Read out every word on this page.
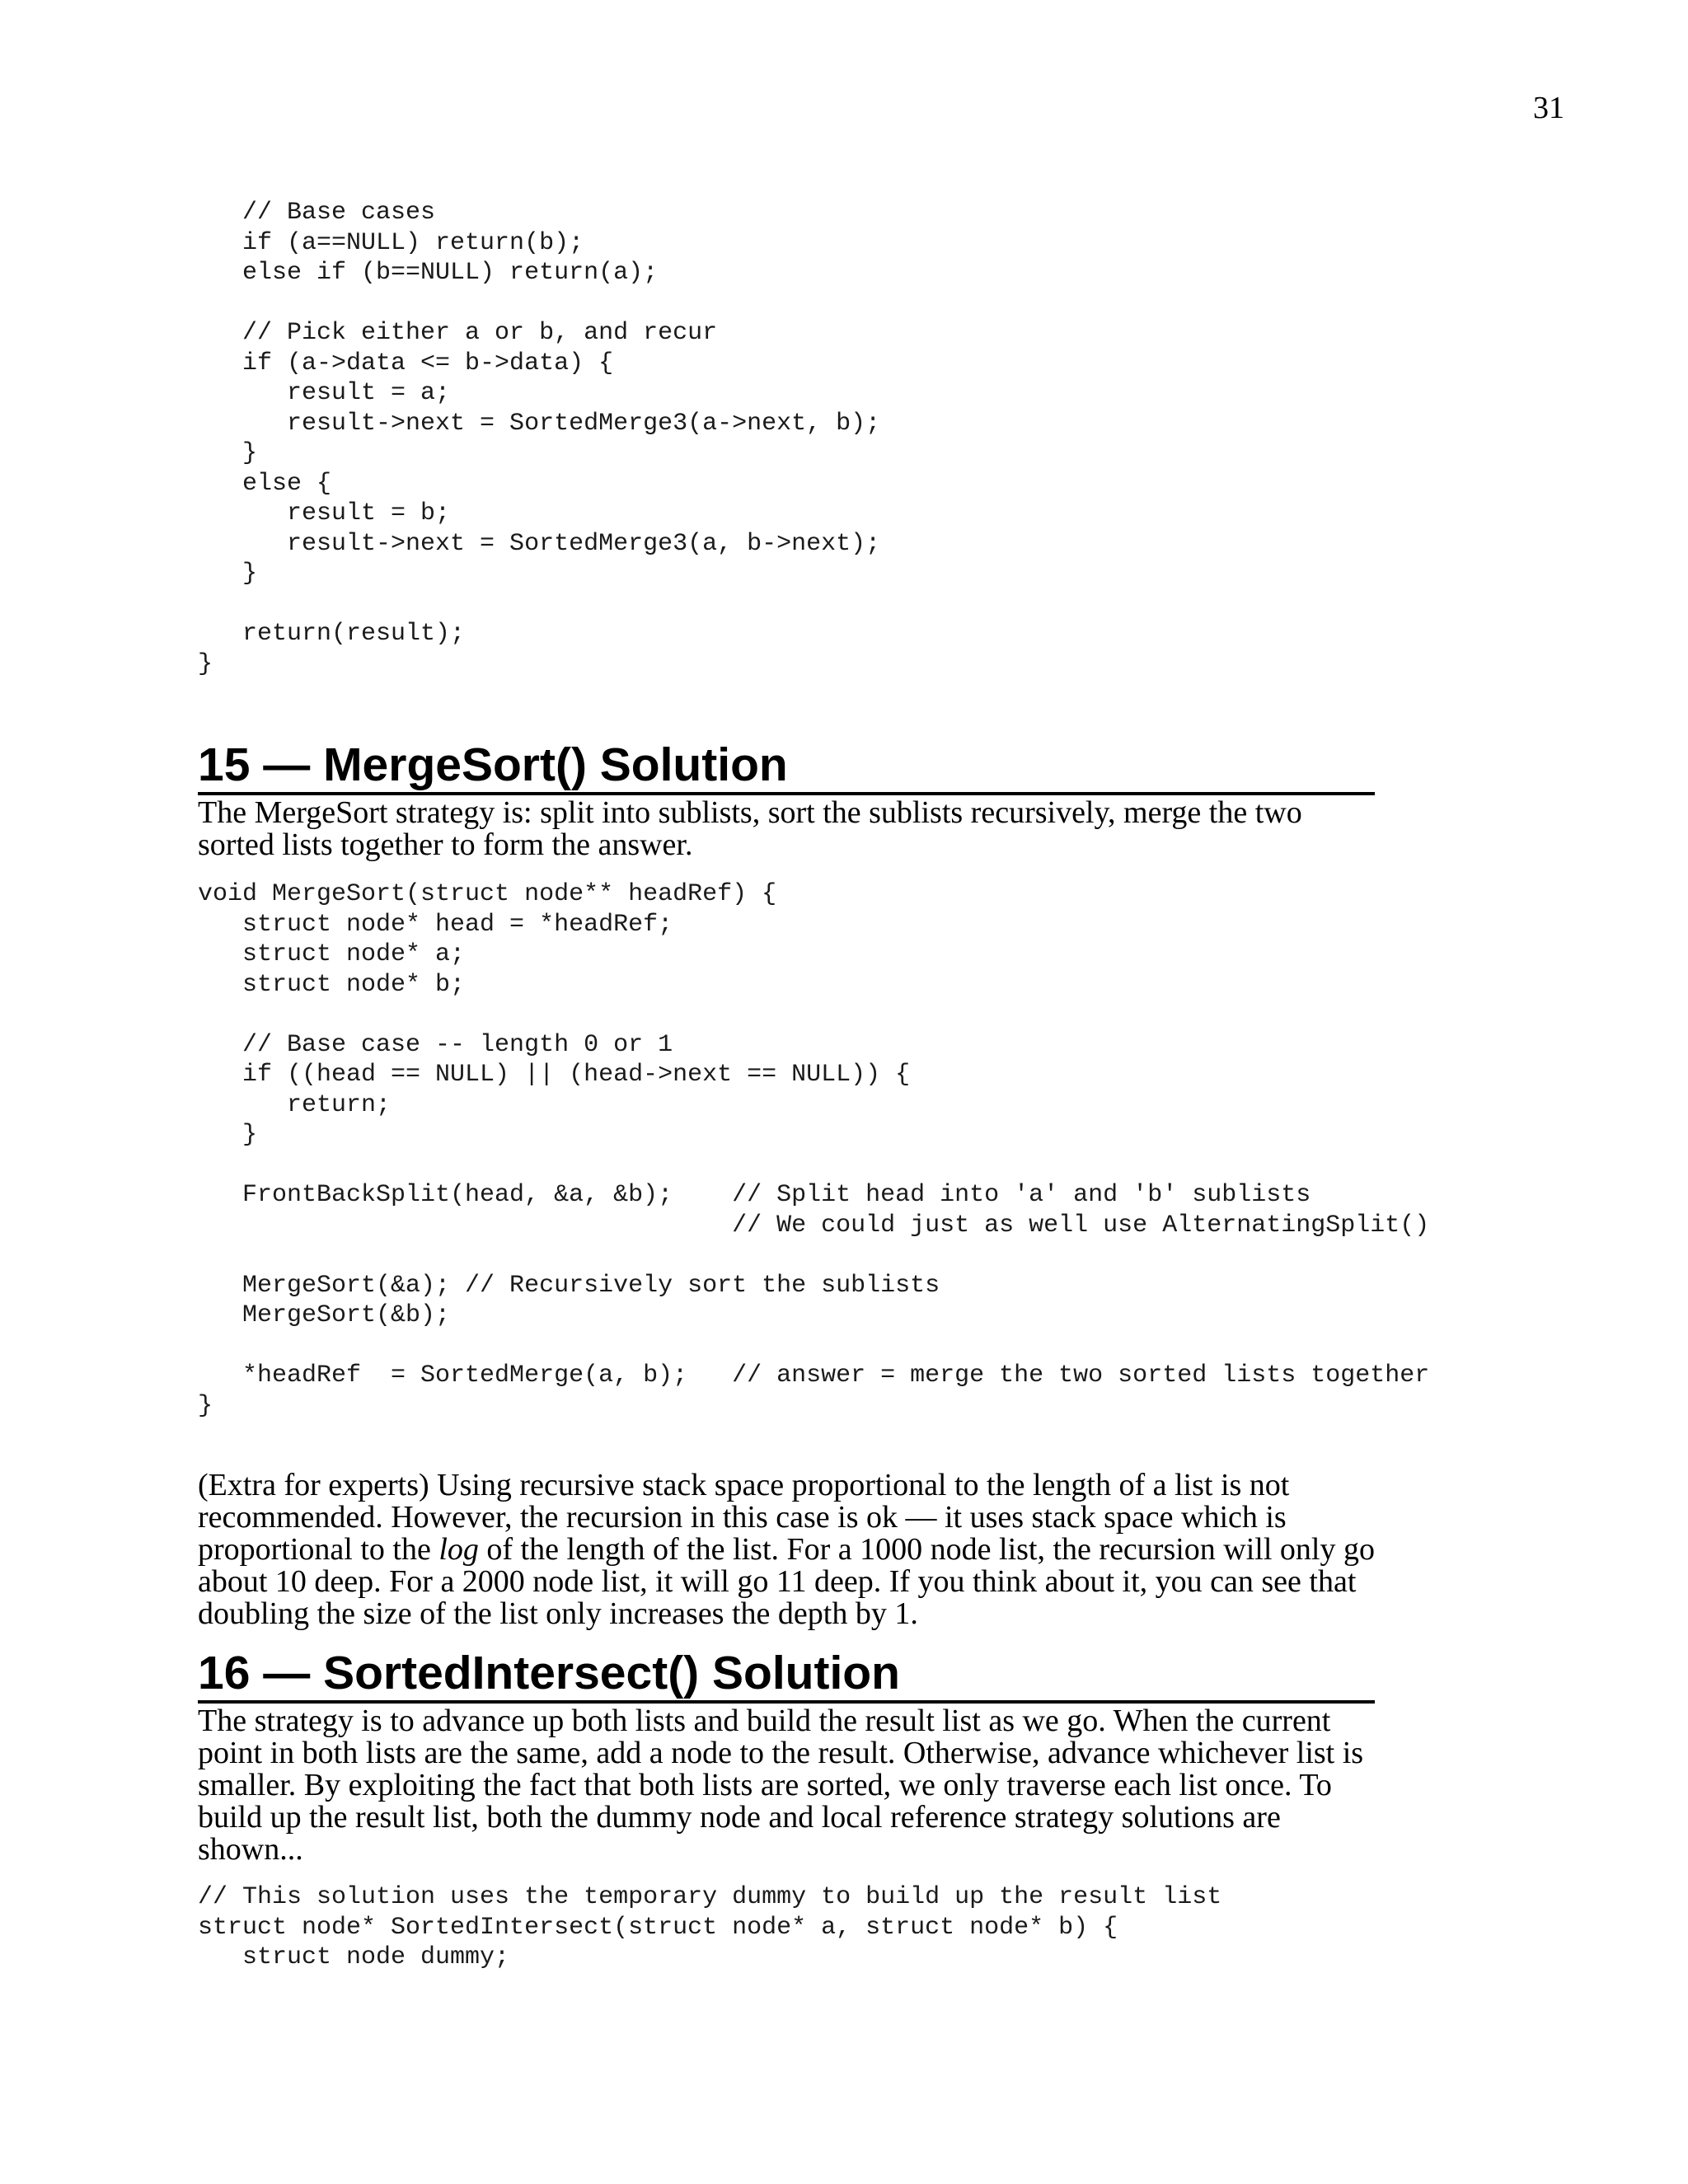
31
// Base cases
if (a==NULL) return(b);
else if (b==NULL) return(a);

// Pick either a or b, and recur
if (a->data <= b->data) {
result = a;
result->next = SortedMerge3(a->next, b);
}
else {
result = b;
result->next = SortedMerge3(a, b->next);
}

return(result);
}
15 — MergeSort() Solution

The MergeSort strategy is: split into sublists, sort the sublists recursively, merge the two sorted lists together to form the answer.

void MergeSort(struct node** headRef) {
struct node* head = *headRef;
struct node* a;
struct node* b;

// Base case -- length 0 or 1
if ((head == NULL) || (head->next == NULL)) {
return;
}

FrontBackSplit(head, &a, &b);    // Split head into 'a' and 'b' sublists
// We could just as well use AlternatingSplit()

MergeSort(&a); // Recursively sort the sublists
MergeSort(&b);

*headRef  = SortedMerge(a, b);   // answer = merge the two sorted lists together
}

(Extra for experts) Using recursive stack space proportional to the length of a list is not recommended. However, the recursion in this case is ok — it uses stack space which is proportional to the log of the length of the list. For a 1000 node list, the recursion will only go about 10 deep. For a 2000 node list, it will go 11 deep. If you think about it, you can see that doubling the size of the list only increases the depth by 1.

16 — SortedIntersect() Solution

The strategy is to advance up both lists and build the result list as we go. When the current point in both lists are the same, add a node to the result. Otherwise, advance whichever list is smaller. By exploiting the fact that both lists are sorted, we only traverse each list once. To build up the result list, both the dummy node and local reference strategy solutions are shown...

// This solution uses the temporary dummy to build up the result list
struct node* SortedIntersect(struct node* a, struct node* b) {
struct node dummy;
